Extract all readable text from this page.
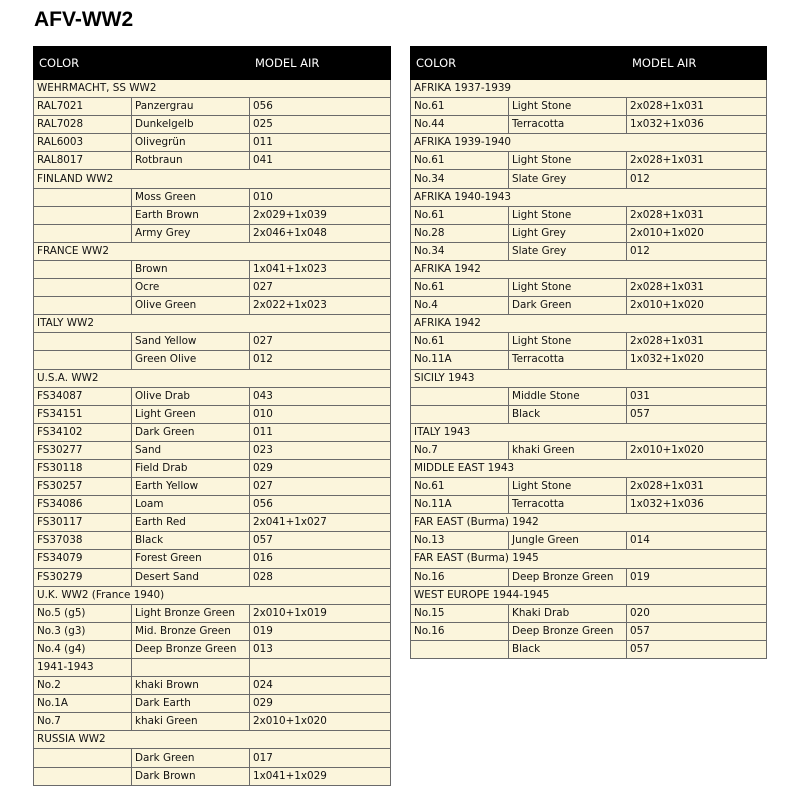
AFV-WW2
COLOR		MODEL AIR
WEHRMACHT, SS WW2		
RAL7021	Panzergrau	056
RAL7028	Dunkelgelb	025
RAL6003	Olivegrün	011
RAL8017	Rotbraun	041
FINLAND WW2		
	Moss Green	010
	Earth Brown	2x029+1x039
	Army Grey	2x046+1x048
FRANCE WW2		
	Brown	1x041+1x023
	Ocre	027
	Olive Green	2x022+1x023
ITALY WW2		
	Sand Yellow	027
	Green Olive	012
U.S.A. WW2		
FS34087	Olive Drab	043
FS34151	Light Green	010
FS34102	Dark Green	011
FS30277	Sand	023
FS30118	Field Drab	029
FS30257	Earth Yellow	027
FS34086	Loam	056
FS30117	Earth Red	2x041+1x027
FS37038	Black	057
FS34079	Forest Green	016
FS30279	Desert Sand	028
U.K. WW2 (France 1940)		
No.5 (g5)	Light Bronze Green	2x010+1x019
No.3 (g3)	Mid. Bronze Green	019
No.4 (g4)	Deep Bronze Green	013
1941-1943		
No.2	khaki Brown	024
No.1A	Dark Earth	029
No.7	khaki Green	2x010+1x020
RUSSIA WW2		
	Dark Green	017
	Dark Brown	1x041+1x029
COLOR		MODEL AIR
AFRIKA 1937-1939		
No.61	Light Stone	2x028+1x031
No.44	Terracotta	1x032+1x036
AFRIKA 1939-1940		
No.61	Light Stone	2x028+1x031
No.34	Slate Grey	012
AFRIKA 1940-1943		
No.61	Light Stone	2x028+1x031
No.28	Light Grey	2x010+1x020
No.34	Slate Grey	012
AFRIKA 1942		
No.61	Light Stone	2x028+1x031
No.4	Dark Green	2x010+1x020
AFRIKA 1942		
No.61	Light Stone	2x028+1x031
No.11A	Terracotta	1x032+1x020
SICILY 1943		
	Middle Stone	031
	Black	057
ITALY 1943		
No.7	khaki Green	2x010+1x020
MIDDLE EAST 1943		
No.61	Light Stone	2x028+1x031
No.11A	Terracotta	1x032+1x036
FAR EAST (Burma) 1942		
No.13	Jungle Green	014
FAR EAST (Burma) 1945		
No.16	Deep Bronze Green	019
WEST EUROPE 1944-1945		
No.15	Khaki Drab	020
No.16	Deep Bronze Green	057
	Black	057
